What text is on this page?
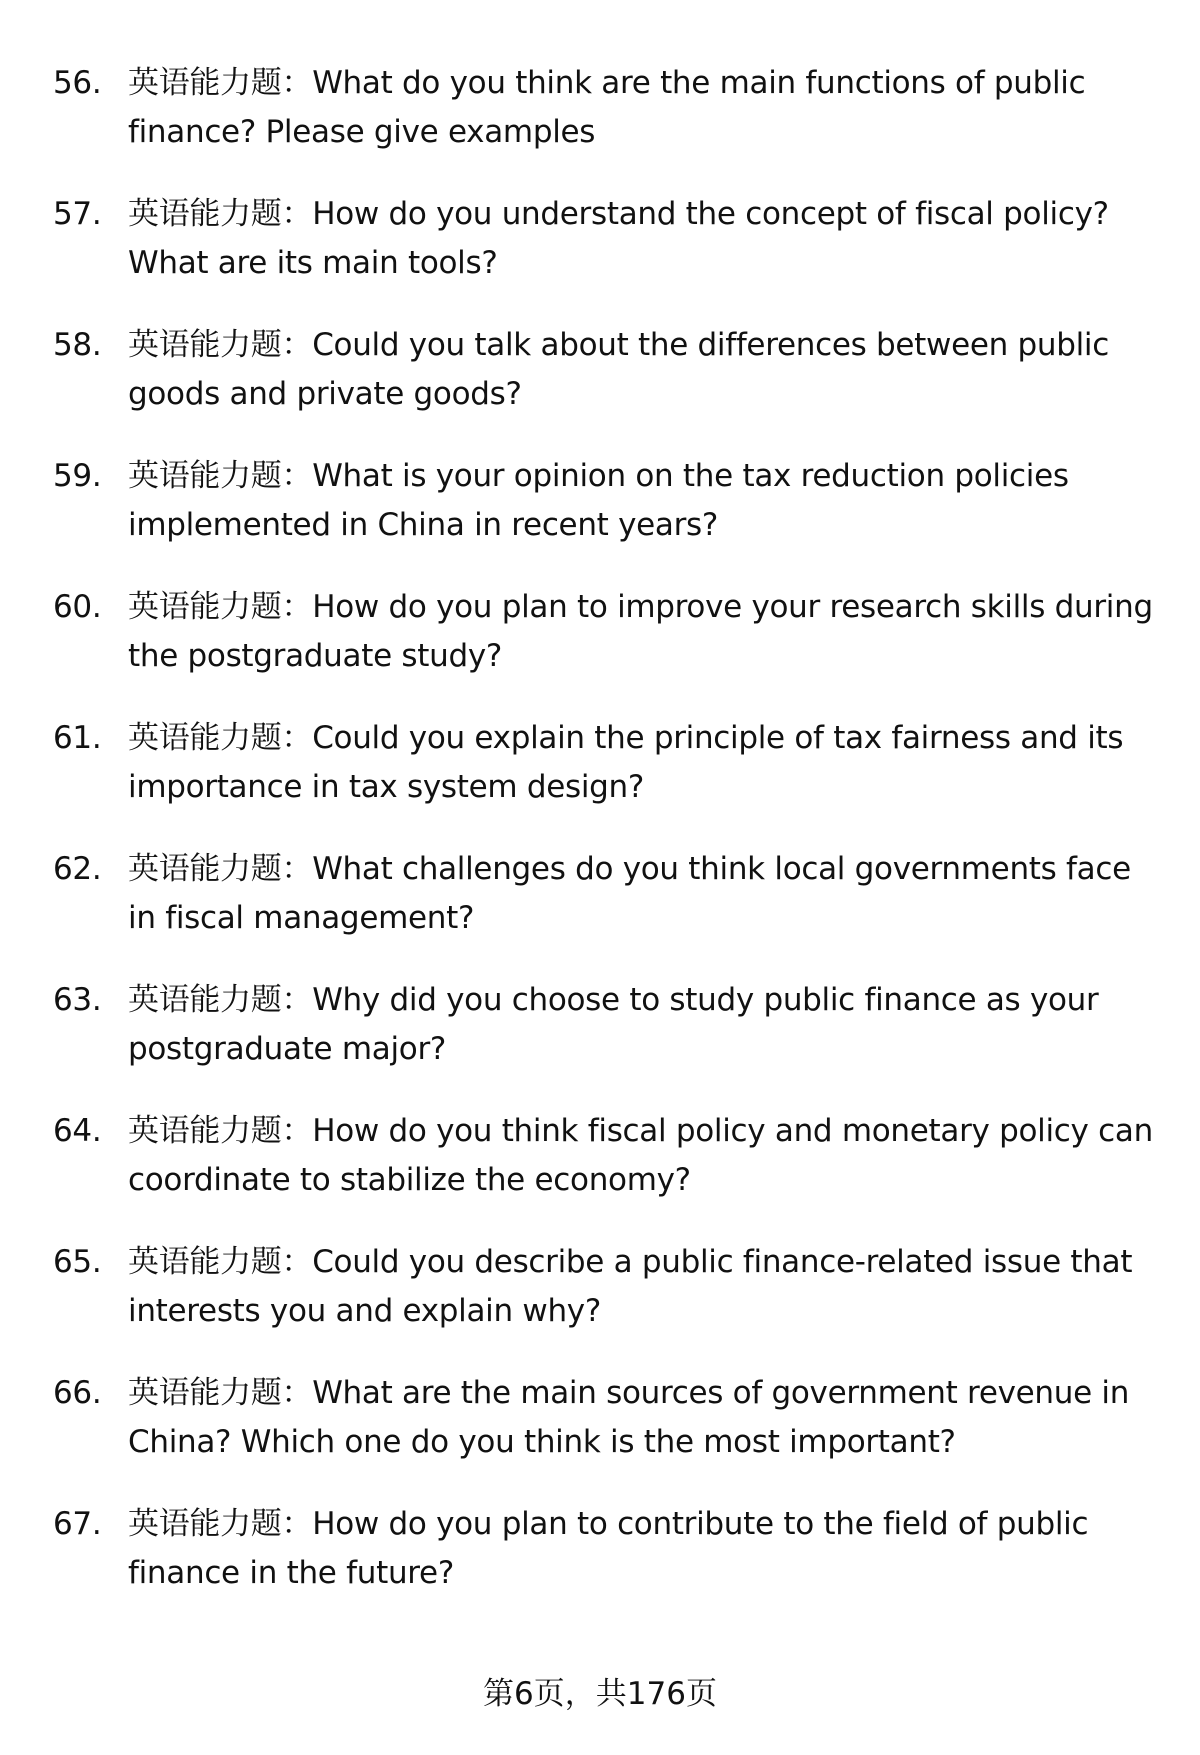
56. 英语能力题：What do you think are the main functions of public finance? Please give examples
57. 英语能力题：How do you understand the concept of fiscal policy? What are its main tools?
58. 英语能力题：Could you talk about the differences between public goods and private goods?
59. 英语能力题：What is your opinion on the tax reduction policies implemented in China in recent years?
60. 英语能力题：How do you plan to improve your research skills during the postgraduate study?
61. 英语能力题：Could you explain the principle of tax fairness and its importance in tax system design?
62. 英语能力题：What challenges do you think local governments face in fiscal management?
63. 英语能力题：Why did you choose to study public finance as your postgraduate major?
64. 英语能力题：How do you think fiscal policy and monetary policy can coordinate to stabilize the economy?
65. 英语能力题：Could you describe a public finance-related issue that interests you and explain why?
66. 英语能力题：What are the main sources of government revenue in China? Which one do you think is the most important?
67. 英语能力题：How do you plan to contribute to the field of public finance in the future?
第6页，共176页
